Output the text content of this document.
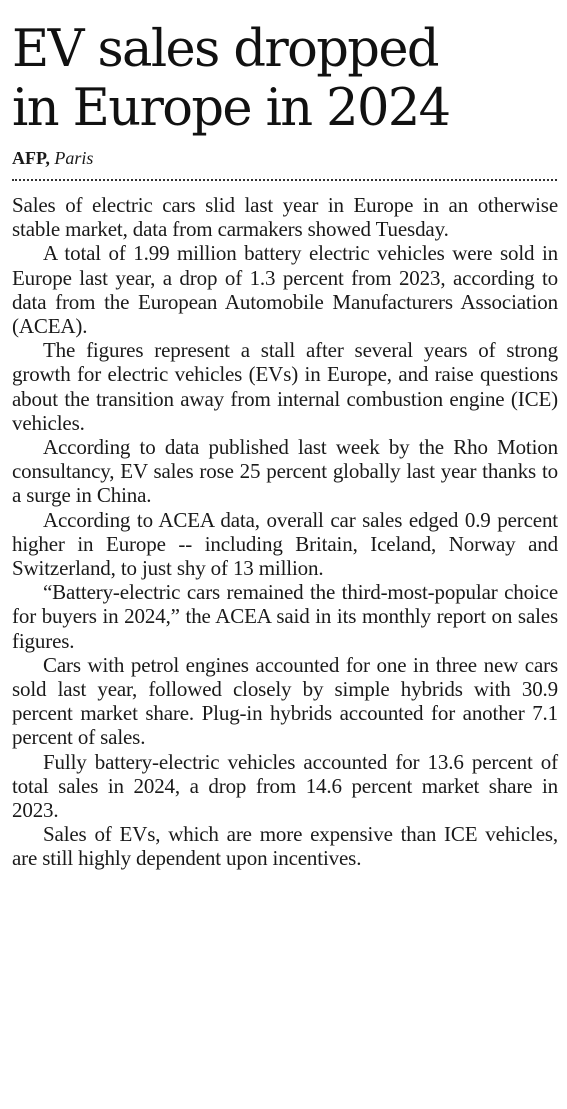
EV sales dropped
in Europe in 2024
AFP, Paris

Sales of electric cars slid last year in Europe in an otherwise stable market, data from carmakers showed Tuesday.

A total of 1.99 million battery electric vehicles were sold in Europe last year, a drop of 1.3 percent from 2023, according to data from the European Automobile Manufacturers Association (ACEA).

The figures represent a stall after several years of strong growth for electric vehicles (EVs) in Europe, and raise questions about the transition away from internal combustion engine (ICE) vehicles.

According to data published last week by the Rho Motion consultancy, EV sales rose 25 percent globally last year thanks to a surge in China.

According to ACEA data, overall car sales edged 0.9 percent higher in Europe -- including Britain, Iceland, Norway and Switzerland, to just shy of 13 million.

“Battery-electric cars remained the third-most-popular choice for buyers in 2024,” the ACEA said in its monthly report on sales figures.

Cars with petrol engines accounted for one in three new cars sold last year, followed closely by simple hybrids with 30.9 percent market share. Plug-in hybrids accounted for another 7.1 percent of sales.

Fully battery-electric vehicles accounted for 13.6 percent of total sales in 2024, a drop from 14.6 percent market share in 2023.

Sales of EVs, which are more expensive than ICE vehicles, are still highly dependent upon incentives.
